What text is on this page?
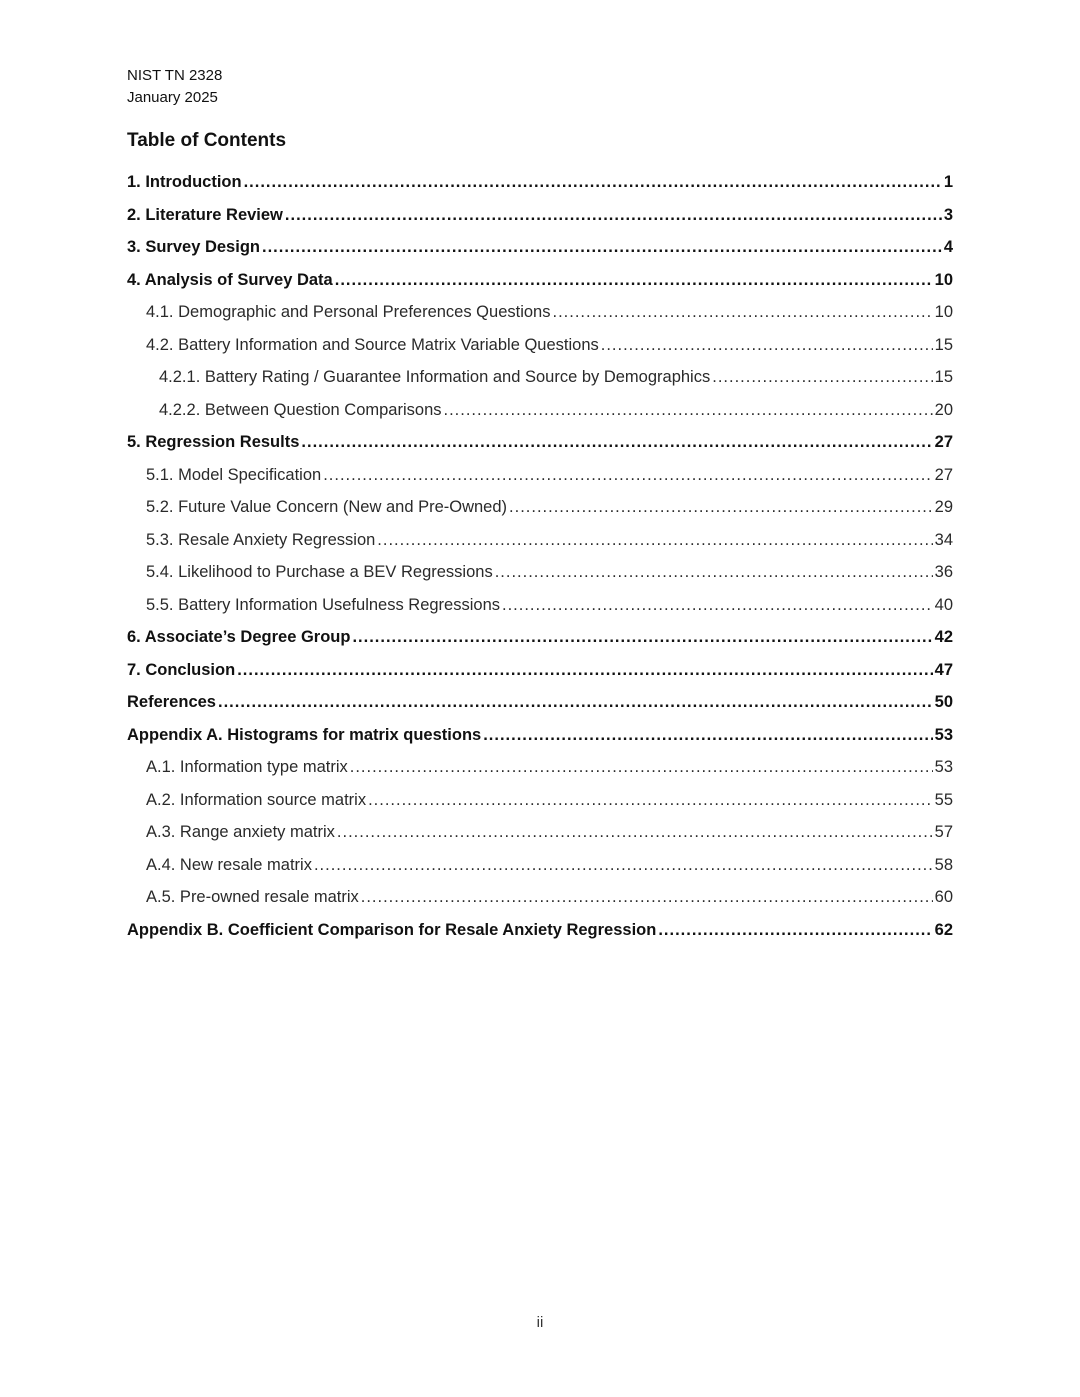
NIST TN 2328
January 2025
Table of Contents
1. Introduction .....	1
2. Literature Review .....	3
3. Survey Design .....	4
4. Analysis of Survey Data .....	10
4.1. Demographic and Personal Preferences Questions .....	10
4.2. Battery Information and Source Matrix Variable Questions .....	15
4.2.1. Battery Rating / Guarantee Information and Source by Demographics .....	15
4.2.2. Between Question Comparisons .....	20
5. Regression Results .....	27
5.1. Model Specification .....	27
5.2. Future Value Concern (New and Pre-Owned) .....	29
5.3. Resale Anxiety Regression .....	34
5.4. Likelihood to Purchase a BEV Regressions .....	36
5.5. Battery Information Usefulness Regressions .....	40
6. Associate’s Degree Group .....	42
7. Conclusion .....	47
References .....	50
Appendix A. Histograms for matrix questions .....	53
A.1. Information type matrix .....	53
A.2. Information source matrix .....	55
A.3. Range anxiety matrix .....	57
A.4. New resale matrix .....	58
A.5. Pre-owned resale matrix .....	60
Appendix B. Coefficient Comparison for Resale Anxiety Regression .....	62
ii
